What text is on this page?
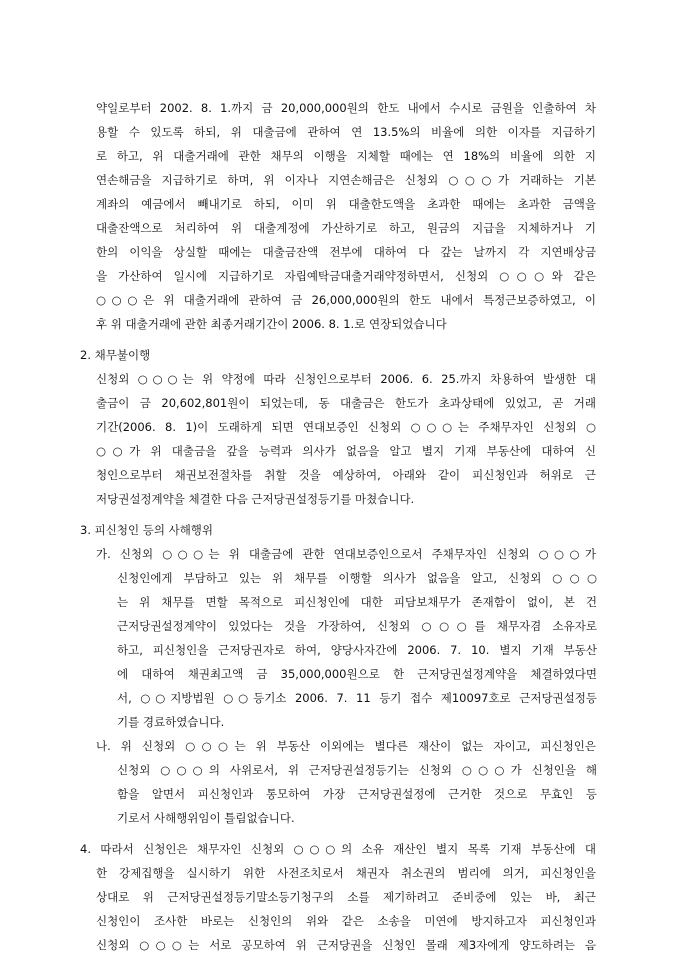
약일로부터 2002. 8. 1.까지 금 20,000,000원의 한도 내에서 수시로 금원을 인출하여 차
용할 수 있도록 하되, 위 대출금에 관하여 연 13.5%의 비율에 의한 이자를 지급하기
로 하고, 위 대출거래에 관한 채무의 이행을 지체할 때에는 연 18%의 비율에 의한 지
연손해금을 지급하기로 하며, 위 이자나 지연손해금은 신청외 ○○○가 거래하는 기본
계좌의 예금에서 빼내기로 하되, 이미 위 대출한도액을 초과한 때에는 초과한 금액을
대출잔액으로 처리하여 위 대출계정에 가산하기로 하고, 원금의 지급을 지체하거나 기
한의 이익을 상실할 때에는 대출금잔액 전부에 대하여 다 갚는 날까지 각 지연배상금
을 가산하여 일시에 지급하기로 자립예탁금대출거래약정하면서, 신청외 ○○○와 같은
○○○은 위 대출거래에 관하여 금 26,000,000원의 한도 내에서 특정근보증하였고, 이
후 위 대출거래에 관한 최종거래기간이 2006. 8. 1.로 연장되었습니다
2. 채무불이행
신청외 ○○○는 위 약정에 따라 신청인으로부터 2006. 6. 25.까지 차용하여 발생한 대
출금이 금 20,602,801원이 되었는데, 동 대출금은 한도가 초과상태에 있었고, 곧 거래
기간(2006. 8. 1)이 도래하게 되면 연대보증인 신청외 ○○○는 주채무자인 신청외 ○
○○가 위 대출금을 갚을 능력과 의사가 없음을 알고 별지 기재 부동산에 대하여 신
청인으로부터 채권보전절차를 취할 것을 예상하여, 아래와 같이 피신청인과 허위로 근
저당권설정계약을 체결한 다음 근저당권설정등기를 마쳤습니다.
3. 피신청인 등의 사해행위
가. 신청외 ○○○는 위 대출금에 관한 연대보증인으로서 주채무자인 신청외 ○○○가
신청인에게 부담하고 있는 위 채무를 이행할 의사가 없음을 알고, 신청외 ○○○
는 위 채무를 면할 목적으로 피신청인에 대한 피담보채무가 존재함이 없이, 본 건
근저당권설정계약이 있었다는 것을 가장하여, 신청외 ○○○를 채무자겸 소유자로
하고, 피신청인을 근저당권자로 하여, 양당사자간에 2006. 7. 10. 별지 기재 부동산
에 대하여 채권최고액 금 35,000,000원으로 한 근저당권설정계약을 체결하였다면
서, ○○지방법원 ○○등기소 2006. 7. 11 등기 접수 제10097호로 근저당권설정등
기를 경료하였습니다.
나. 위 신청외 ○○○는 위 부동산 이외에는 별다른 재산이 없는 자이고, 피신청인은
신청외 ○○○의 사위로서, 위 근저당권설정등기는 신청외 ○○○가 신청인을 해
함을 알면서 피신청인과 통모하여 가장 근저당권설정에 근거한 것으로 무효인 등
기로서 사해행위임이 틀림없습니다.
4. 따라서 신청인은 채무자인 신청외 ○○○의 소유 재산인 별지 목록 기재 부동산에 대
한 강제집행을 실시하기 위한 사전조치로서 채권자 취소권의 범리에 의거, 피신청인을
상대로 위 근저당권설정등기말소등기청구의 소를 제기하려고 준비중에 있는 바, 최근
신청인이 조사한 바로는 신청인의 위와 같은 소송을 미연에 방지하고자 피신청인과
신청외 ○○○는 서로 공모하여 위 근저당권을 신청인 몰래 제3자에게 양도하려는 음
